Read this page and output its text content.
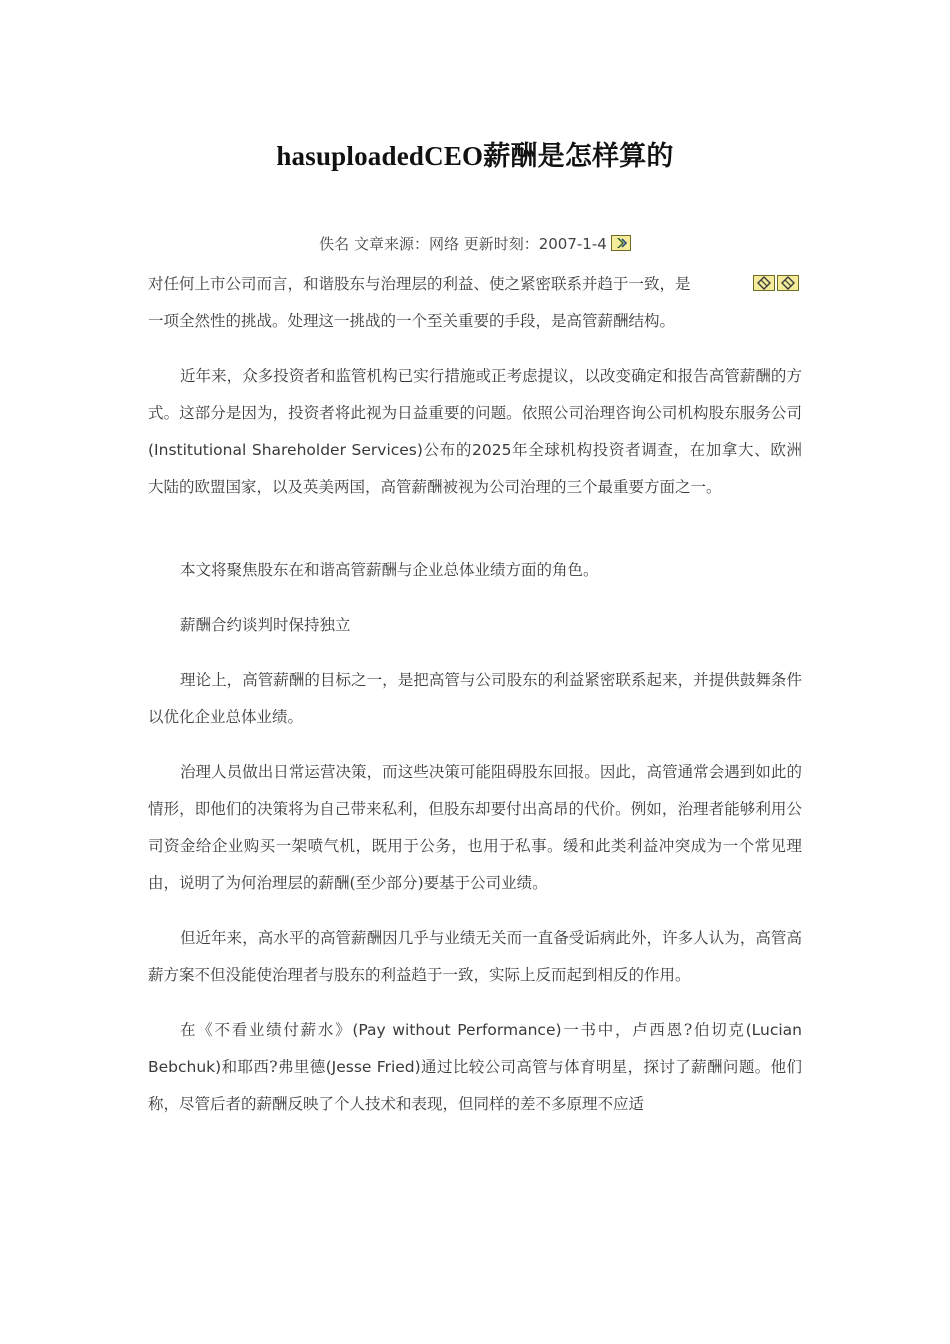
hasuploadedCEO薪酬是怎样算的
佚名 文章来源：网络 更新时刻：2007-1-4

对任何上市公司而言，和谐股东与治理层的利益、使之紧密联系并趋于一致，是

一项全然性的挑战。处理这一挑战的一个至关重要的手段，是高管薪酬结构。

近年来，众多投资者和监管机构已实行措施或正考虑提议，以改变确定和报告高管薪酬的方式。这部分是因为，投资者将此视为日益重要的问题。依照公司治理咨询公司机构股东服务公司(Institutional Shareholder Services)公布的2025年全球机构投资者调查，在加拿大、欧洲大陆的欧盟国家，以及英美两国，高管薪酬被视为公司治理的三个最重要方面之一。

本文将聚焦股东在和谐高管薪酬与企业总体业绩方面的角色。

薪酬合约谈判时保持独立

理论上，高管薪酬的目标之一，是把高管与公司股东的利益紧密联系起来，并提供鼓舞条件以优化企业总体业绩。

治理人员做出日常运营决策，而这些决策可能阻碍股东回报。因此，高管通常会遇到如此的情形，即他们的决策将为自己带来私利，但股东却要付出高昂的代价。例如，治理者能够利用公司资金给企业购买一架喷气机，既用于公务，也用于私事。缓和此类利益冲突成为一个常见理由，说明了为何治理层的薪酬(至少部分)要基于公司业绩。

但近年来，高水平的高管薪酬因几乎与业绩无关而一直备受诟病此外，许多人认为，高管高薪方案不但没能使治理者与股东的利益趋于一致，实际上反而起到相反的作用。

在《不看业绩付薪水》(Pay without Performance)一书中，卢西恩?伯切克(Lucian Bebchuk)和耶西?弗里德(Jesse Fried)通过比较公司高管与体育明星，探讨了薪酬问题。他们称，尽管后者的薪酬反映了个人技术和表现，但同样的差不多原理不应适
